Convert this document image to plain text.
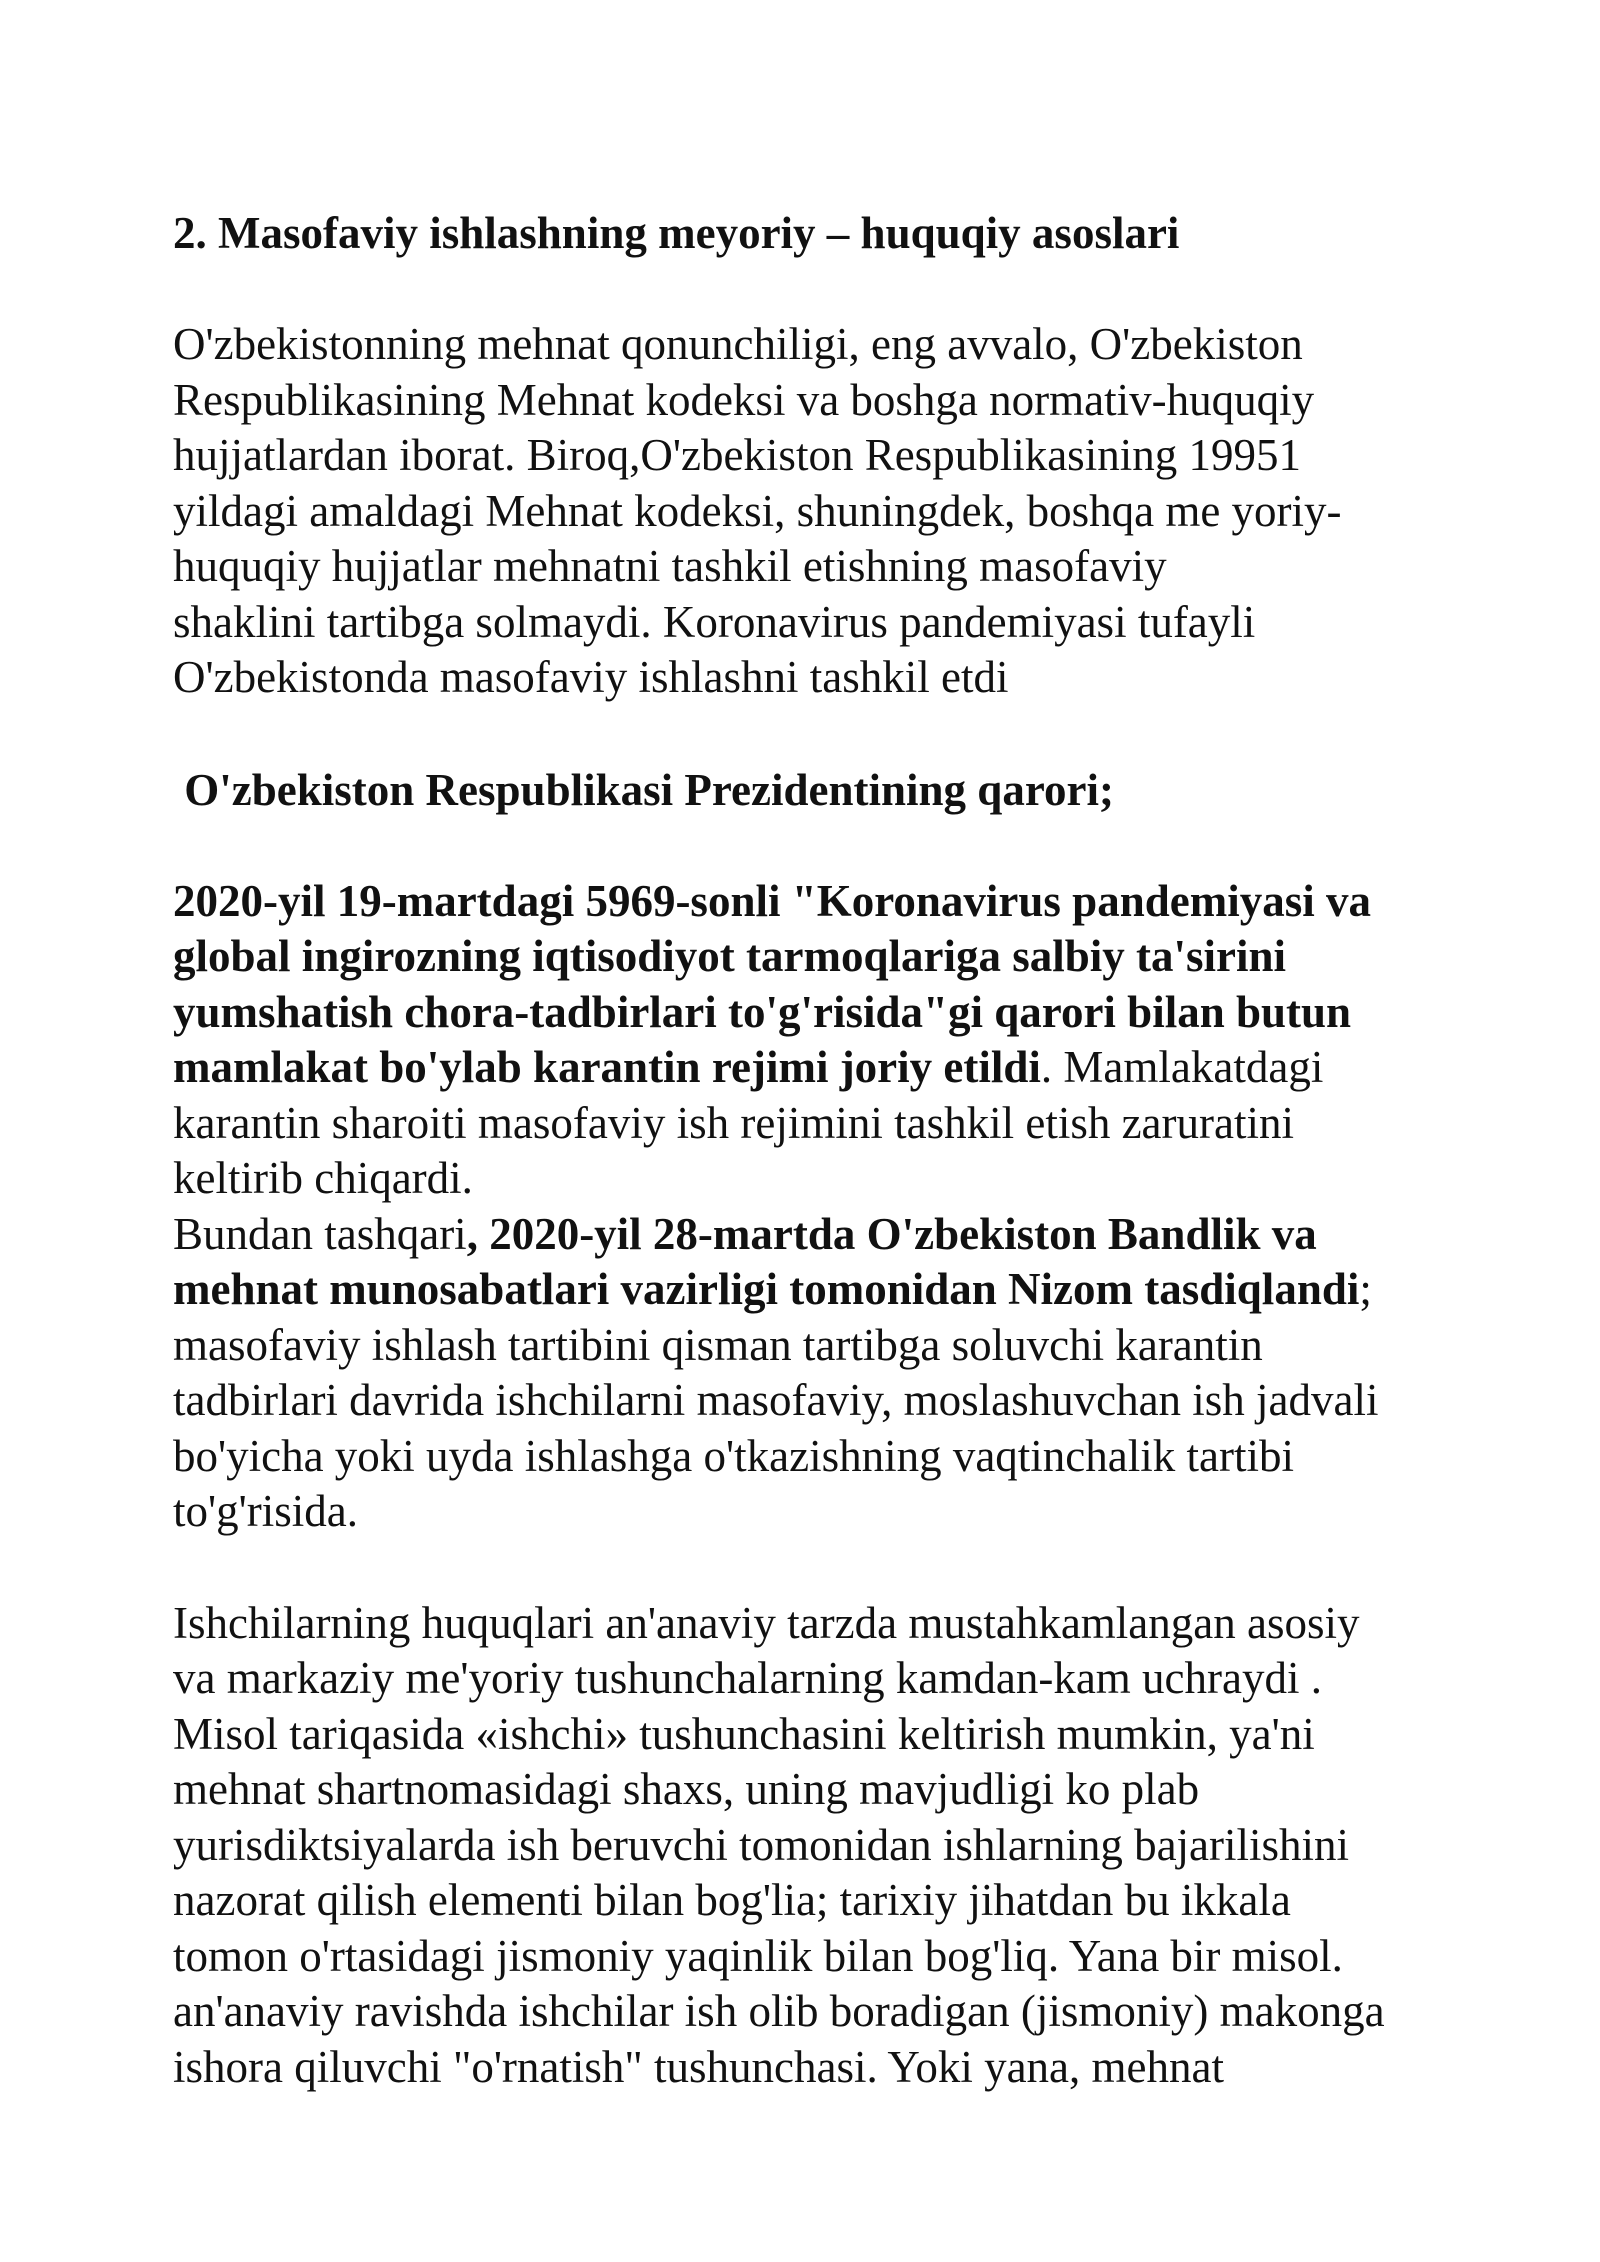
2. Masofaviy ishlashning meyoriy – huquqiy asoslari
O'zbekistonning mehnat qonunchiligi, eng avvalo, O'zbekiston
Respublikasining Mehnat kodeksi va boshga normativ-huquqiy
hujjatlardan iborat. Biroq,O'zbekiston Respublikasining 19951
yildagi amaldagi Mehnat kodeksi, shuningdek, boshqa me yoriy-
huquqiy hujjatlar mehnatni tashkil etishning masofaviy
shaklini tartibga solmaydi. Koronavirus pandemiyasi tufayli
O'zbekistonda masofaviy ishlashni tashkil etdi
O'zbekiston Respublikasi Prezidentining qarori;
2020-yil 19-martdagi 5969-sonli "Koronavirus pandemiyasi va
global ingirozning iqtisodiyot tarmoqlariga salbiy ta'sirini
yumshatish chora-tadbirlari to'g'risida"gi qarori bilan butun
mamlakat bo'ylab karantin rejimi joriy etildi. Mamlakatdagi
karantin sharoiti masofaviy ish rejimini tashkil etish zaruratini
keltirib chiqardi.
Bundan tashqari, 2020-yil 28-martda O'zbekiston Bandlik va
mehnat munosabatlari vazirligi tomonidan Nizom tasdiqlandi;
masofaviy ishlash tartibini qisman tartibga soluvchi karantin
tadbirlari davrida ishchilarni masofaviy, moslashuvchan ish jadvali
bo'yicha yoki uyda ishlashga o'tkazishning vaqtinchalik tartibi
to'g'risida.
Ishchilarning huquqlari an'anaviy tarzda mustahkamlangan asosiy
va markaziy me'yoriy tushunchalarning kamdan-kam uchraydi .
Misol tariqasida «ishchi» tushunchasini keltirish mumkin, ya'ni
mehnat shartnomasidagi shaxs, uning mavjudligi ko plab
yurisdiktsiyalarda ish beruvchi tomonidan ishlarning bajarilishini
nazorat qilish elementi bilan bog'lia; tarixiy jihatdan bu ikkala
tomon o'rtasidagi jismoniy yaqinlik bilan bog'liq. Yana bir misol.
an'anaviy ravishda ishchilar ish olib boradigan (jismoniy) makonga
ishora qiluvchi "o'rnatish" tushunchasi. Yoki yana, mehnat
